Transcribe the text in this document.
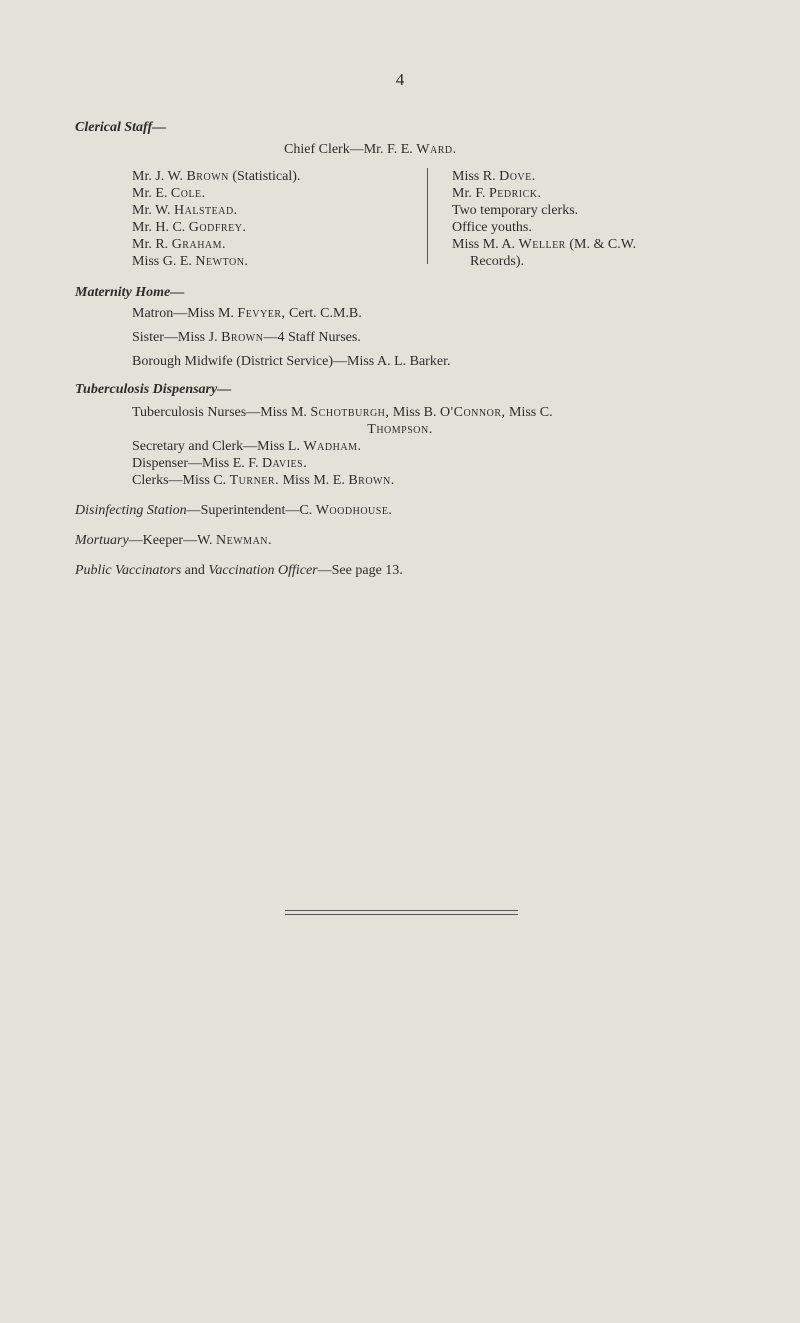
4
Clerical Staff—
Chief Clerk—Mr. F. E. Ward.
Mr. J. W. Brown (Statistical).
Mr. E. Cole.
Mr. W. Halstead.
Mr. H. C. Godfrey.
Mr. R. Graham.
Miss G. E. Newton.
Miss R. Dove.
Mr. F. Pedrick.
Two temporary clerks.
Office youths.
Miss M. A. Weller (M. & C.W.
Records).
Maternity Home—
Matron—Miss M. Fevyer, Cert. C.M.B.
Sister—Miss J. Brown—4 Staff Nurses.
Borough Midwife (District Service)—Miss A. L. Barker.
Tuberculosis Dispensary—
Tuberculosis Nurses—Miss M. Schotburgh, Miss B. O'Connor, Miss C.
Thompson.
Secretary and Clerk—Miss L. Wadham.
Dispenser—Miss E. F. Davies.
Clerks—Miss C. Turner. Miss M. E. Brown.
Disinfecting Station—Superintendent—C. Woodhouse.
Mortuary—Keeper—W. Newman.
Public Vaccinators and Vaccination Officer—See page 13.
